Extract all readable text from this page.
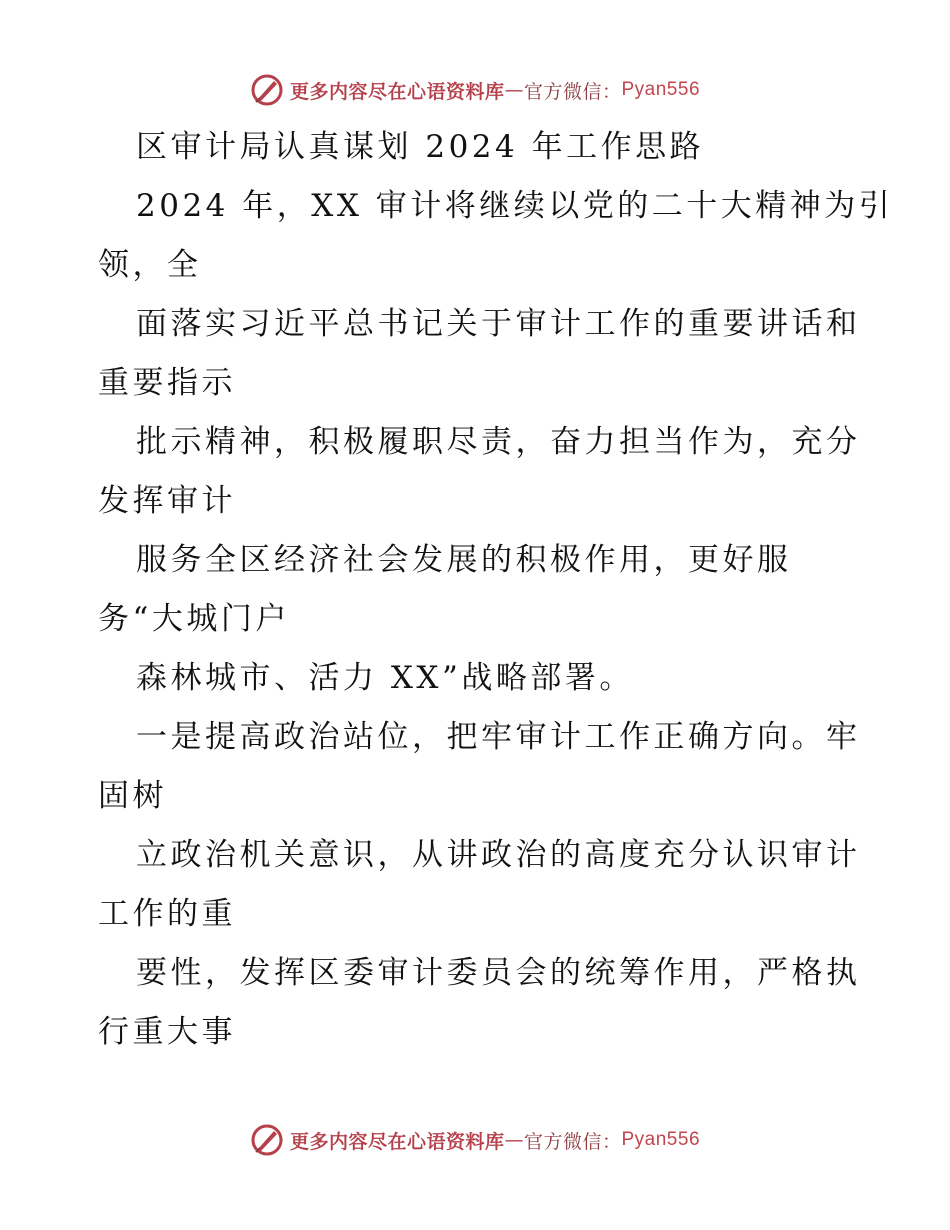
更多内容尽在心语资料库 — 官方微信： Pyan556
区审计局认真谋划 2024 年工作思路
2024 年，XX 审计将继续以党的二十大精神为引
领，全
面落实习近平总书记关于审计工作的重要讲话和
重要指示
批示精神，积极履职尽责，奋力担当作为，充分
发挥审计
服务全区经济社会发展的积极作用，更好服
务“大城门户
森林城市、活力 XX”战略部署。
一是提高政治站位，把牢审计工作正确方向。牢
固树
立政治机关意识，从讲政治的高度充分认识审计
工作的重
要性，发挥区委审计委员会的统筹作用，严格执
行重大事
更多内容尽在心语资料库 — 官方微信： Pyan556
